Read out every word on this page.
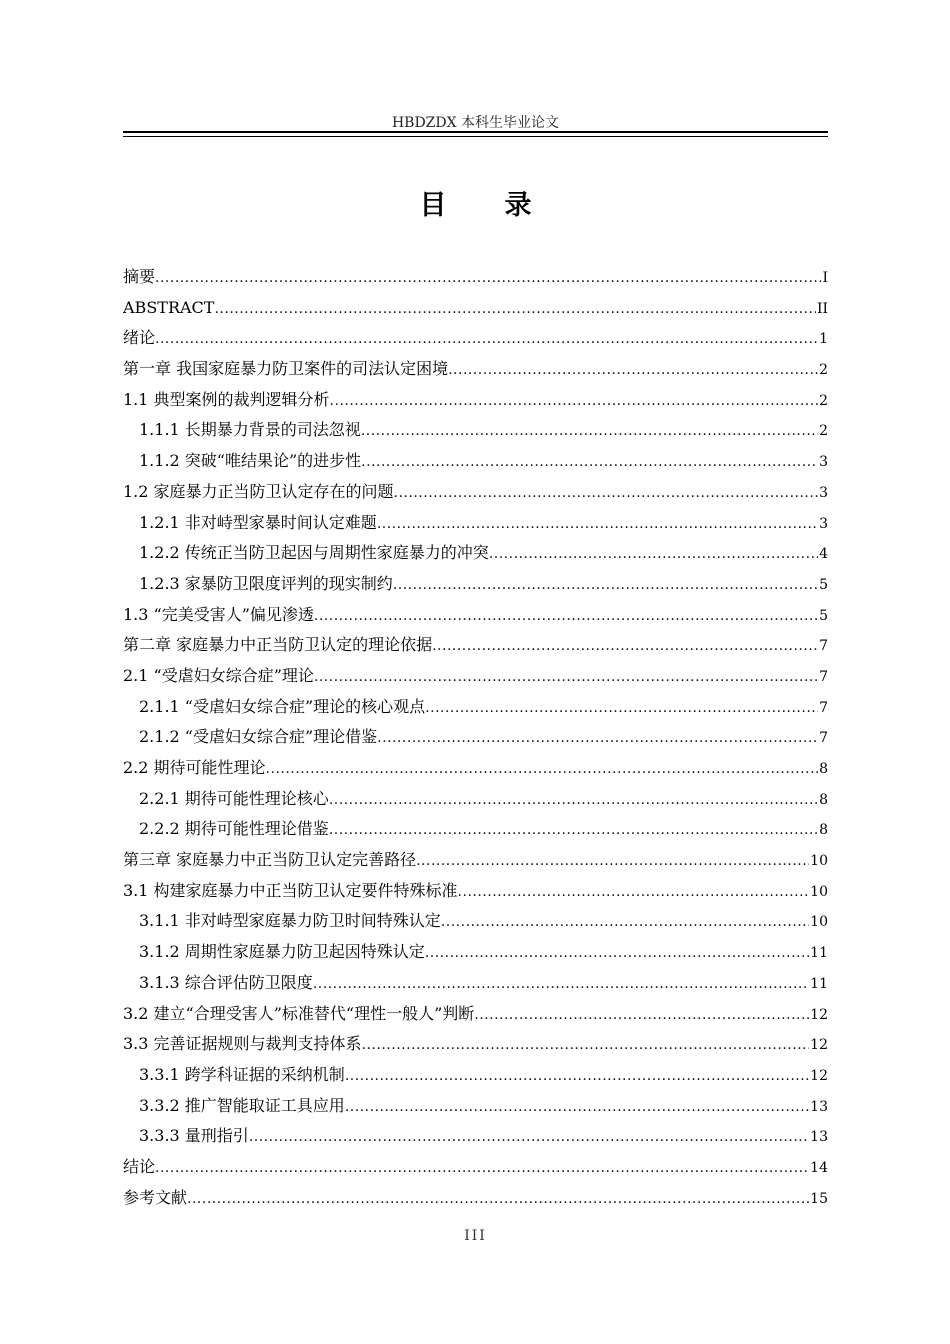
HBDZDX 本科生毕业论文
目录
摘要 .....	I
ABSTRACT .....	II
绪论 .....	1
第一章 我国家庭暴力防卫案件的司法认定困境 .....	2
1.1 典型案例的裁判逻辑分析 .....	2
1.1.1 长期暴力背景的司法忽视 .....	2
1.1.2 突破“唯结果论”的进步性 .....	3
1.2 家庭暴力正当防卫认定存在的问题 .....	3
1.2.1 非对峙型家暴时间认定难题 .....	3
1.2.2 传统正当防卫起因与周期性家庭暴力的冲突 .....	4
1.2.3 家暴防卫限度评判的现实制约 .....	5
1.3 “完美受害人”偏见渗透 .....	5
第二章 家庭暴力中正当防卫认定的理论依据 .....	7
2.1 “受虐妇女综合症”理论 .....	7
2.1.1 “受虐妇女综合症”理论的核心观点 .....	7
2.1.2 “受虐妇女综合症”理论借鉴 .....	7
2.2 期待可能性理论 .....	8
2.2.1 期待可能性理论核心 .....	8
2.2.2 期待可能性理论借鉴 .....	8
第三章 家庭暴力中正当防卫认定完善路径 .....	10
3.1 构建家庭暴力中正当防卫认定要件特殊标准 .....	10
3.1.1 非对峙型家庭暴力防卫时间特殊认定 .....	10
3.1.2 周期性家庭暴力防卫起因特殊认定 .....	11
3.1.3 综合评估防卫限度 .....	11
3.2 建立“合理受害人”标准替代“理性一般人”判断 .....	12
3.3 完善证据规则与裁判支持体系 .....	12
3.3.1 跨学科证据的采纳机制 .....	12
3.3.2 推广智能取证工具应用 .....	13
3.3.3 量刑指引 .....	13
结论 .....	14
参考文献 .....	15
III
